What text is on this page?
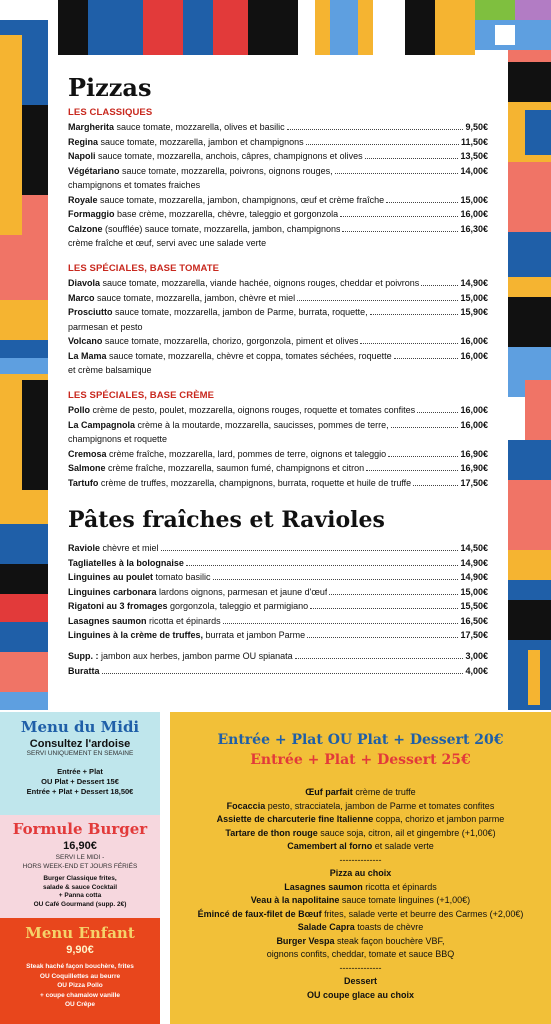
Pizzas
LES CLASSIQUES
Margherita sauce tomate, mozzarella, olives et basilic	9,50€
Regina sauce tomate, mozzarella, jambon et champignons	11,50€
Napoli sauce tomate, mozzarella, anchois, câpres, champignons et olives	13,50€
Végétariano sauce tomate, mozzarella, poivrons, oignons rouges,	14,00€
champignons et tomates fraiches
Royale sauce tomate, mozzarella, jambon, champignons, œuf et crème fraîche	15,00€
Formaggio base crème, mozzarella, chèvre, taleggio et gorgonzola	16,00€
Calzone (soufflée) sauce tomate, mozzarella, jambon, champignons	16,30€
crème fraîche et œuf, servi avec une salade verte
LES SPÉCIALES, BASE TOMATE
Diavola sauce tomate, mozzarella, viande hachée, oignons rouges, cheddar et poivrons	14,90€
Marco sauce tomate, mozzarella, jambon, chèvre et miel	15,00€
Prosciutto sauce tomate, mozzarella, jambon de Parme, burrata, roquette,	15,90€
parmesan et pesto
Volcano sauce tomate, mozzarella, chorizo, gorgonzola, piment et olives	16,00€
La Mama sauce tomate, mozzarella, chèvre et coppa, tomates séchées, roquette	16,00€
et crème balsamique
LES SPÉCIALES, BASE CRÈME
Pollo crème de pesto, poulet, mozzarella, oignons rouges, roquette et tomates confites	16,00€
La Campagnola crème à la moutarde, mozzarella, saucisses, pommes de terre,	16,00€
champignons et roquette
Cremosa crème fraîche, mozzarella, lard, pommes de terre, oignons et taleggio	16,90€
Salmone crème fraîche, mozzarella, saumon fumé, champignons et citron	16,90€
Tartufo crème de truffes, mozzarella, champignons, burrata, roquette et huile de truffe	17,50€
Pâtes fraîches et Ravioles
Raviole chèvre et miel	14,50€
Tagliatelles à la bolognaise	14,90€
Linguines au poulet tomato basilic	14,90€
Linguines carbonara lardons oignons, parmesan et jaune d'œuf	15,00€
Rigatoni au 3 fromages gorgonzola, taleggio et parmigiano	15,50€
Lasagnes saumon ricotta et épinards	16,50€
Linguines à la crème de truffes, burrata et jambon Parme	17,50€
Supp. : jambon aux herbes, jambon parme OU spianata	3,00€
Buratta	4,00€
Menu du Midi
Consultez l'ardoise
SERVI UNIQUEMENT EN SEMAINE
Entrée + Plat
OU Plat + Dessert 15€
Entrée + Plat + Dessert 18,50€
Formule Burger
16,90€
SERVI LE MIDI -
HORS WEEK-END ET JOURS FÉRIÉS
Burger Classique frites,
salade & sauce Cocktail
+ Panna cotta
OU Café Gourmand (supp. 2€)
Menu Enfant
9,90€
Steak haché façon bouchère, frites
OU Coquillettes au beurre
OU Pizza Pollo
+ coupe chamalow vanille
OU Crêpe
Entrée + Plat OU Plat + Dessert 20€
Entrée + Plat + Dessert 25€
Œuf parfait crème de truffe
Focaccia pesto, stracciatela, jambon de Parme et tomates confites
Assiette de charcuterie fine Italienne coppa, chorizo et jambon parme
Tartare de thon rouge sauce soja, citron, ail et gingembre (+1,00€)
Camembert al forno et salade verte
--------------
Pizza au choix
Lasagnes saumon ricotta et épinards
Veau à la napolitaine sauce tomate linguines (+1,00€)
Émincé de faux-filet de Bœuf frites, salade verte et beurre des Carmes (+2,00€)
Salade Capra toasts de chèvre
Burger Vespa steak façon bouchère VBF,
oignons confits, cheddar, tomate et sauce BBQ
--------------
Dessert
OU coupe glace au choix
